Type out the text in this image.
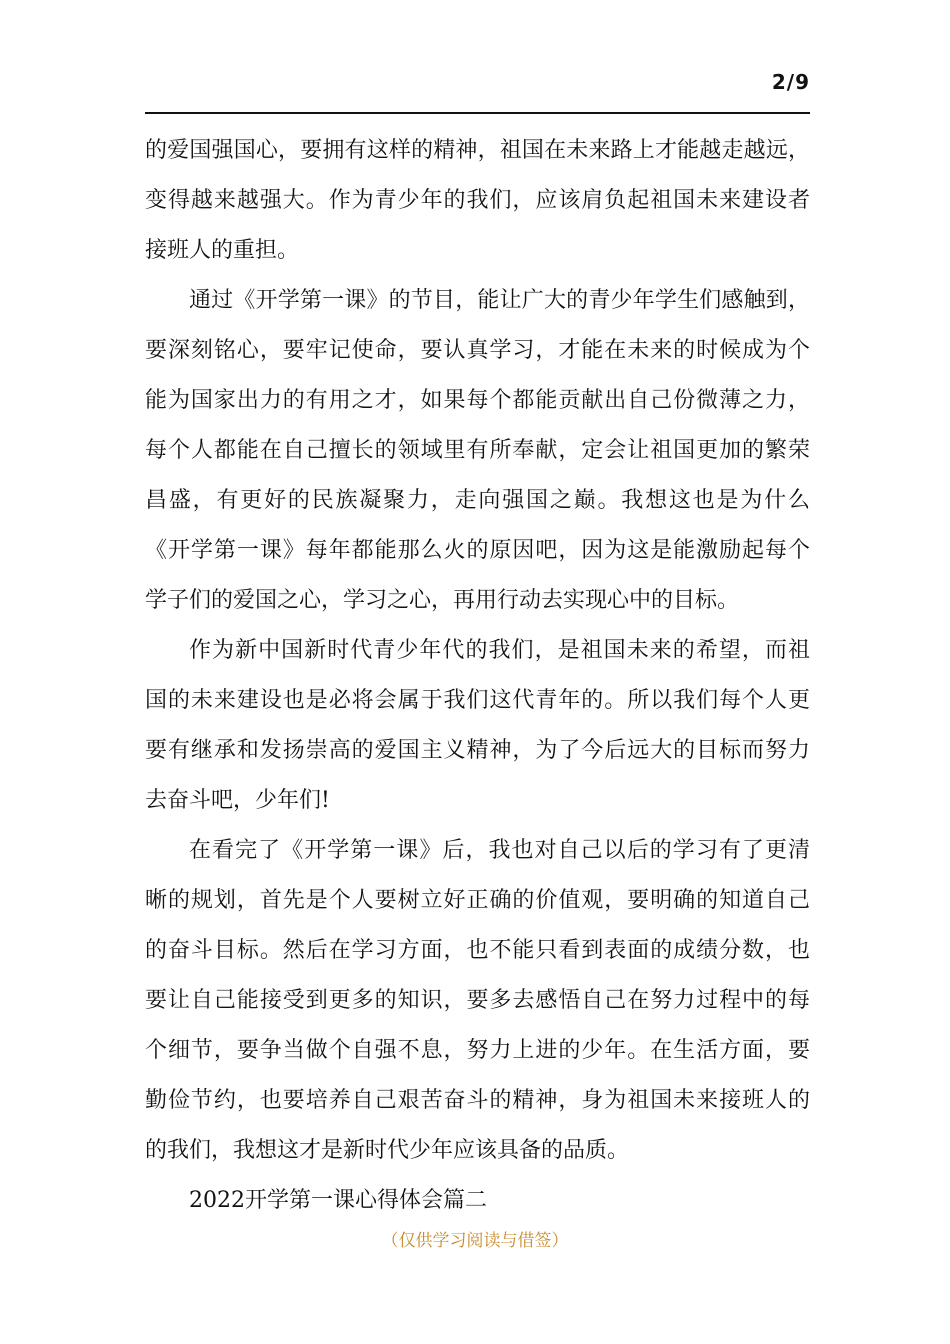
2/9
的爱国强国心，要拥有这样的精神，祖国在未来路上才能越走越远，
变得越来越强大。作为青少年的我们，应该肩负起祖国未来建设者
接班人的重担。
通过《开学第一课》的节目，能让广大的青少年学生们感触到，
要深刻铭心，要牢记使命，要认真学习，才能在未来的时候成为个
能为国家出力的有用之才，如果每个都能贡献出自己份微薄之力，
每个人都能在自己擅长的领域里有所奉献，定会让祖国更加的繁荣
昌盛，有更好的民族凝聚力，走向强国之巅。我想这也是为什么
《开学第一课》每年都能那么火的原因吧，因为这是能激励起每个
学子们的爱国之心，学习之心，再用行动去实现心中的目标。
作为新中国新时代青少年代的我们，是祖国未来的希望，而祖
国的未来建设也是必将会属于我们这代青年的。所以我们每个人更
要有继承和发扬崇高的爱国主义精神，为了今后远大的目标而努力
去奋斗吧，少年们!
在看完了《开学第一课》后，我也对自己以后的学习有了更清
晰的规划，首先是个人要树立好正确的价值观，要明确的知道自己
的奋斗目标。然后在学习方面，也不能只看到表面的成绩分数，也
要让自己能接受到更多的知识，要多去感悟自己在努力过程中的每
个细节，要争当做个自强不息，努力上进的少年。在生活方面，要
勤俭节约，也要培养自己艰苦奋斗的精神，身为祖国未来接班人的
的我们，我想这才是新时代少年应该具备的品质。
2022开学第一课心得体会篇二
（仅供学习阅读与借签）
